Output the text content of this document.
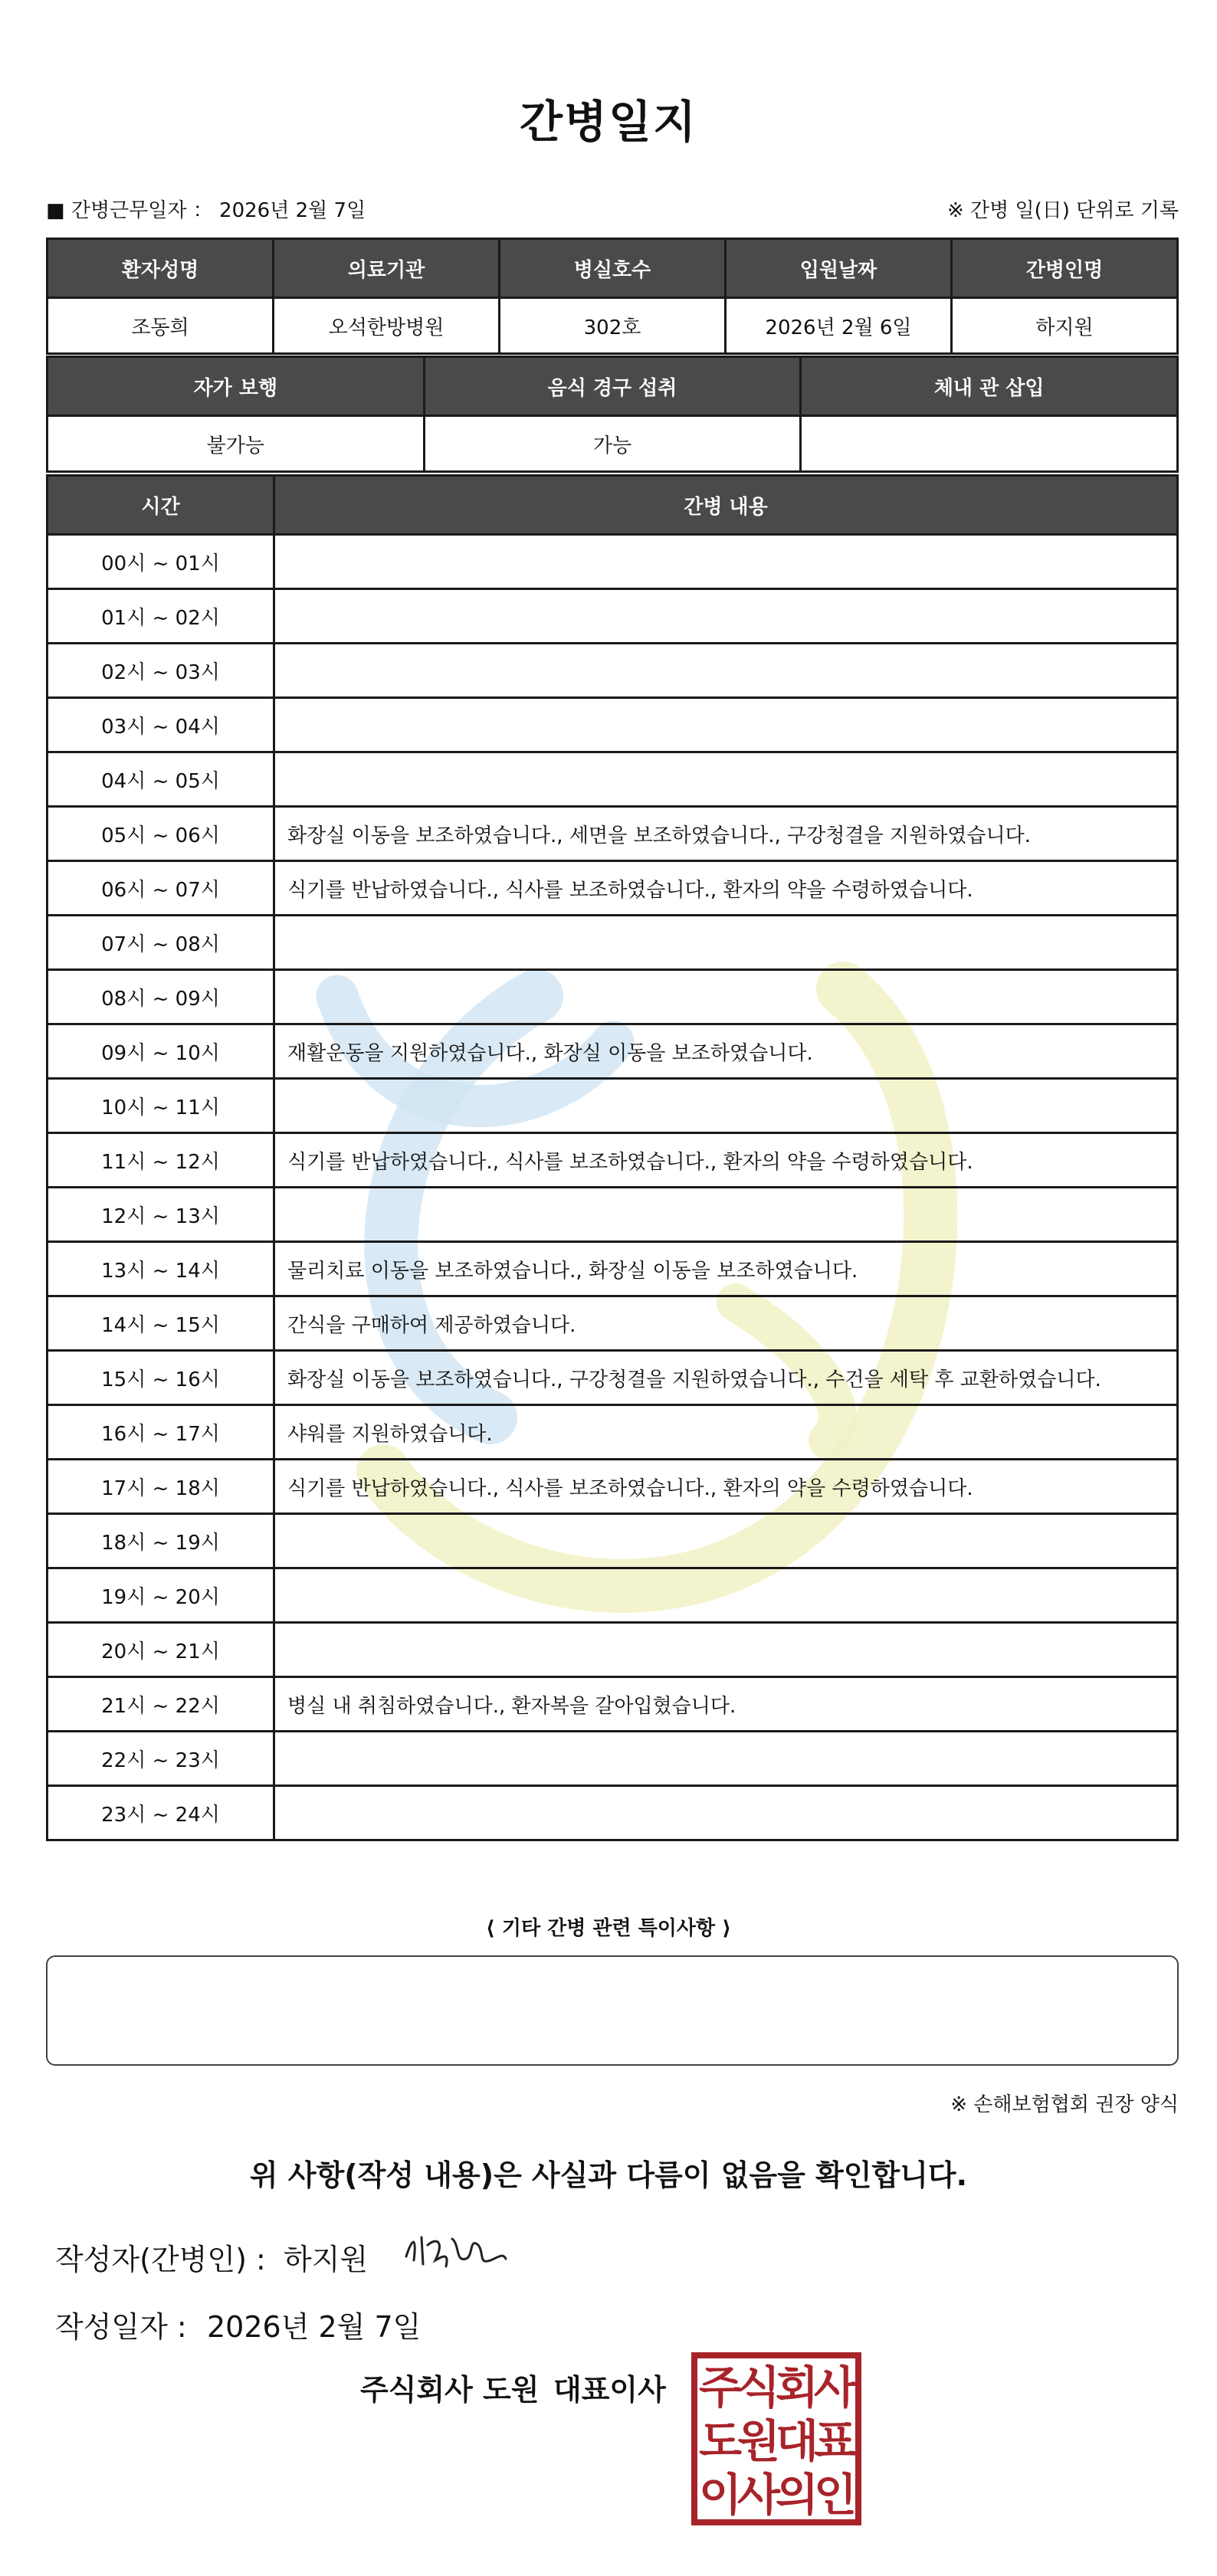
간병일지
■ 간병근무일자 ： 2026년 2월 7일	※ 간병 일(日) 단위로 기록
환자성명	의료기관	병실호수	입원날짜	간병인명
조동희	오석한방병원	302호	2026년 2월 6일	하지원
자가 보행	음식 경구 섭취	체내 관 삽입
불가능	가능	
시간	간병 내용
00시 ~ 01시	
01시 ~ 02시	
02시 ~ 03시	
03시 ~ 04시	
04시 ~ 05시	
05시 ~ 06시	화장실 이동을 보조하였습니다., 세면을 보조하였습니다., 구강청결을 지원하였습니다.
06시 ~ 07시	식기를 반납하였습니다., 식사를 보조하였습니다., 환자의 약을 수령하였습니다.
07시 ~ 08시	
08시 ~ 09시	
09시 ~ 10시	재활운동을 지원하였습니다., 화장실 이동을 보조하였습니다.
10시 ~ 11시	
11시 ~ 12시	식기를 반납하였습니다., 식사를 보조하였습니다., 환자의 약을 수령하였습니다.
12시 ~ 13시	
13시 ~ 14시	물리치료 이동을 보조하였습니다., 화장실 이동을 보조하였습니다.
14시 ~ 15시	간식을 구매하여 제공하였습니다.
15시 ~ 16시	화장실 이동을 보조하였습니다., 구강청결을 지원하였습니다., 수건을 세탁 후 교환하였습니다.
16시 ~ 17시	샤워를 지원하였습니다.
17시 ~ 18시	식기를 반납하였습니다., 식사를 보조하였습니다., 환자의 약을 수령하였습니다.
18시 ~ 19시	
19시 ~ 20시	
20시 ~ 21시	
21시 ~ 22시	병실 내 취침하였습니다., 환자복을 갈아입혔습니다.
22시 ~ 23시	
23시 ~ 24시	
⟨ 기타 간병 관련 특이사항 ⟩
※ 손해보험협회 권장 양식
위 사항(작성 내용)은 사실과 다름이 없음을 확인합니다.
작성자(간병인) : 하지원
작성일자 : 2026년 2월 7일
주식회사 도원 대표이사 주
식
회
사
도
원
대
표
이
사
의
인
